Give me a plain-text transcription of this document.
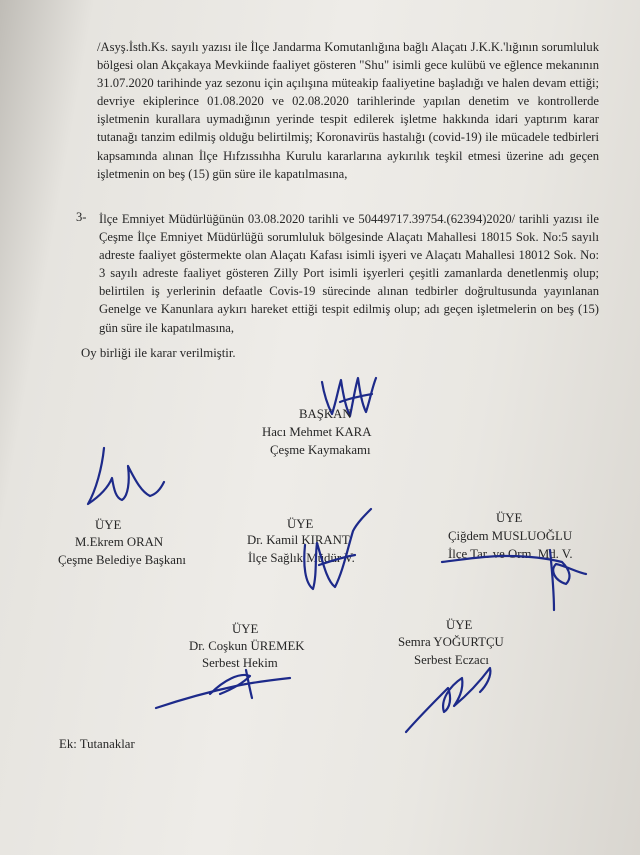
/Asyş.İsth.Ks. sayılı yazısı ile İlçe Jandarma Komutanlığına bağlı Alaçatı J.K.K.'lığının sorumluluk bölgesi olan Akçakaya Mevkiinde faaliyet gösteren "Shu" isimli gece kulübü ve eğlence mekanının 31.07.2020 tarihinde yaz sezonu için açılışına müteakip faaliyetine başladığı ve halen devam ettiği; devriye ekiplerince 01.08.2020 ve 02.08.2020 tarihlerinde yapılan denetim ve kontrollerde işletmenin kurallara uymadığının yerinde tespit edilerek işletme hakkında idari yaptırım karar tutanağı tanzim edilmiş olduğu belirtilmiş; Koronavirüs hastalığı (covid-19) ile mücadele tedbirleri kapsamında alınan İlçe Hıfzıssıhha Kurulu kararlarına aykırılık teşkil etmesi üzerine adı geçen işletmenin on beş (15) gün süre ile kapatılmasına,

3- İlçe Emniyet Müdürlüğünün 03.08.2020 tarihli ve 50449717.39754.(62394)2020/ tarihli yazısı ile Çeşme İlçe Emniyet Müdürlüğü sorumluluk bölgesinde Alaçatı Mahallesi 18015 Sok. No:5 sayılı adreste faaliyet göstermekte olan Alaçatı Kafası isimli işyeri ve Alaçatı Mahallesi 18012 Sok. No: 3 sayılı adreste faaliyet gösteren Zilly Port isimli işyerleri çeşitli zamanlarda denetlenmiş olup; belirtilen iş yerlerinin defaatle Covis-19 sürecinde alınan tedbirler doğrultusunda yayınlanan Genelge ve Kanunlara aykırı hareket ettiği tespit edilmiş olup; adı geçen işletmelerin on beş (15) gün süre ile kapatılmasına,

Oy birliği ile karar verilmiştir.
BAŞKAN
Hacı Mehmet KARA
Çeşme Kaymakamı
ÜYE
M.Ekrem ORAN
Çeşme Belediye Başkanı
ÜYE
Dr. Kamil KIRANT
İlçe Sağlık Müdür V.
ÜYE
Çiğdem MUSLUOĞLU
İlçe Tar. ve Orm. Md. V.
ÜYE
Dr. Coşkun ÜREMEK
Serbest Hekim
ÜYE
Semra YOĞURTÇU
Serbest Eczacı
Ek: Tutanaklar
